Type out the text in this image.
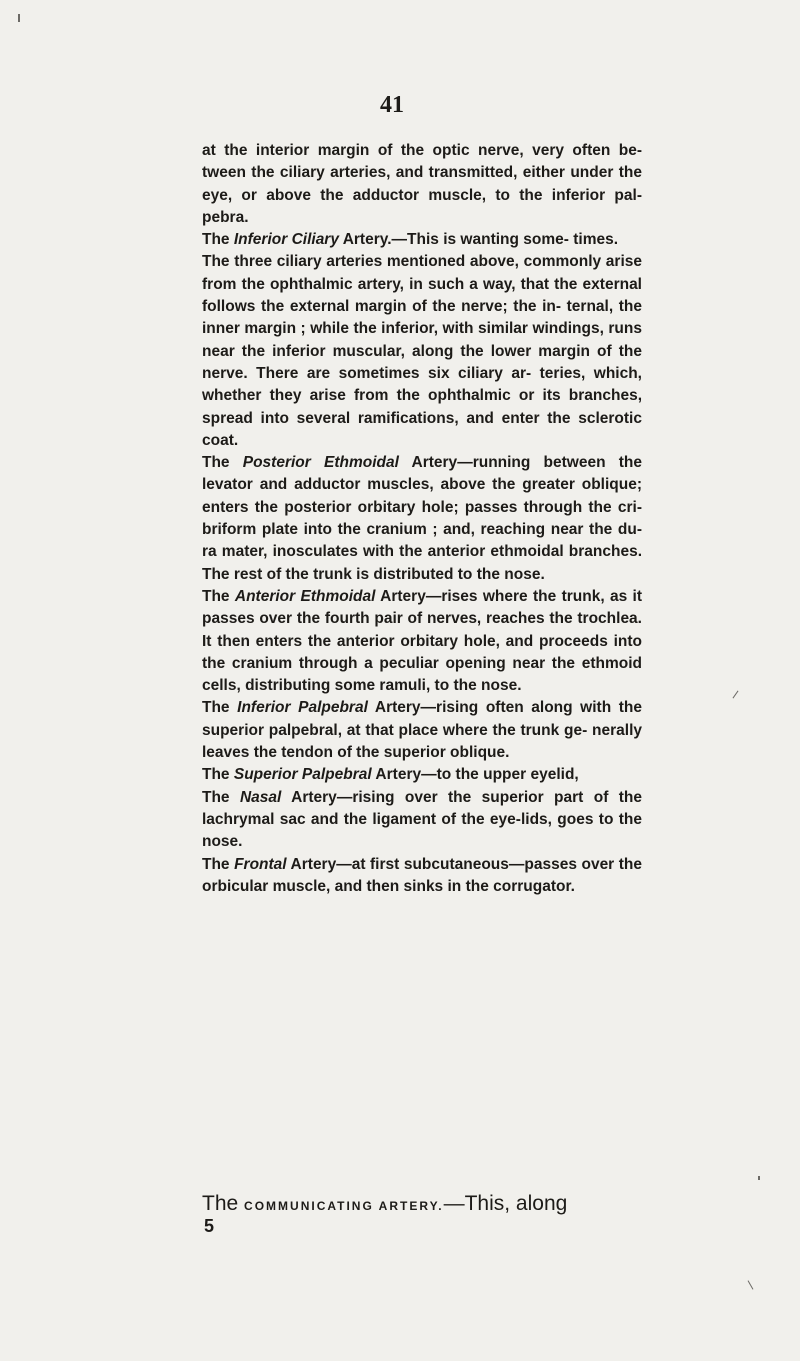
41

at the interior margin of the optic nerve, very often be- tween the ciliary arteries, and transmitted, either under the eye, or above the adductor muscle, to the inferior pal- pebra.

The Inferior Ciliary Artery.—This is wanting some- times.

The three ciliary arteries mentioned above, commonly arise from the ophthalmic artery, in such a way, that the external follows the external margin of the nerve; the in- ternal, the inner margin ; while the inferior, with similar windings, runs near the inferior muscular, along the lower margin of the nerve. There are sometimes six ciliary ar- teries, which, whether they arise from the ophthalmic or its branches, spread into several ramifications, and enter the sclerotic coat.

The Posterior Ethmoidal Artery—running between the levator and adductor muscles, above the greater oblique; enters the posterior orbitary hole; passes through the cri- briform plate into the cranium ; and, reaching near the du- ra mater, inosculates with the anterior ethmoidal branches. The rest of the trunk is distributed to the nose.

The Anterior Ethmoidal Artery—rises where the trunk, as it passes over the fourth pair of nerves, reaches the trochlea. It then enters the anterior orbitary hole, and proceeds into the cranium through a peculiar opening near the ethmoid cells, distributing some ramuli, to the nose.

The Inferior Palpebral Artery—rising often along with the superior palpebral, at that place where the trunk ge- nerally leaves the tendon of the superior oblique.

The Superior Palpebral Artery—to the upper eyelid,

The Nasal Artery—rising over the superior part of the lachrymal sac and the ligament of the eye-lids, goes to the nose.

The Frontal Artery—at first subcutaneous—passes over the orbicular muscle, and then sinks in the corrugator.

The COMMUNICATING ARTERY.—This, along
5
